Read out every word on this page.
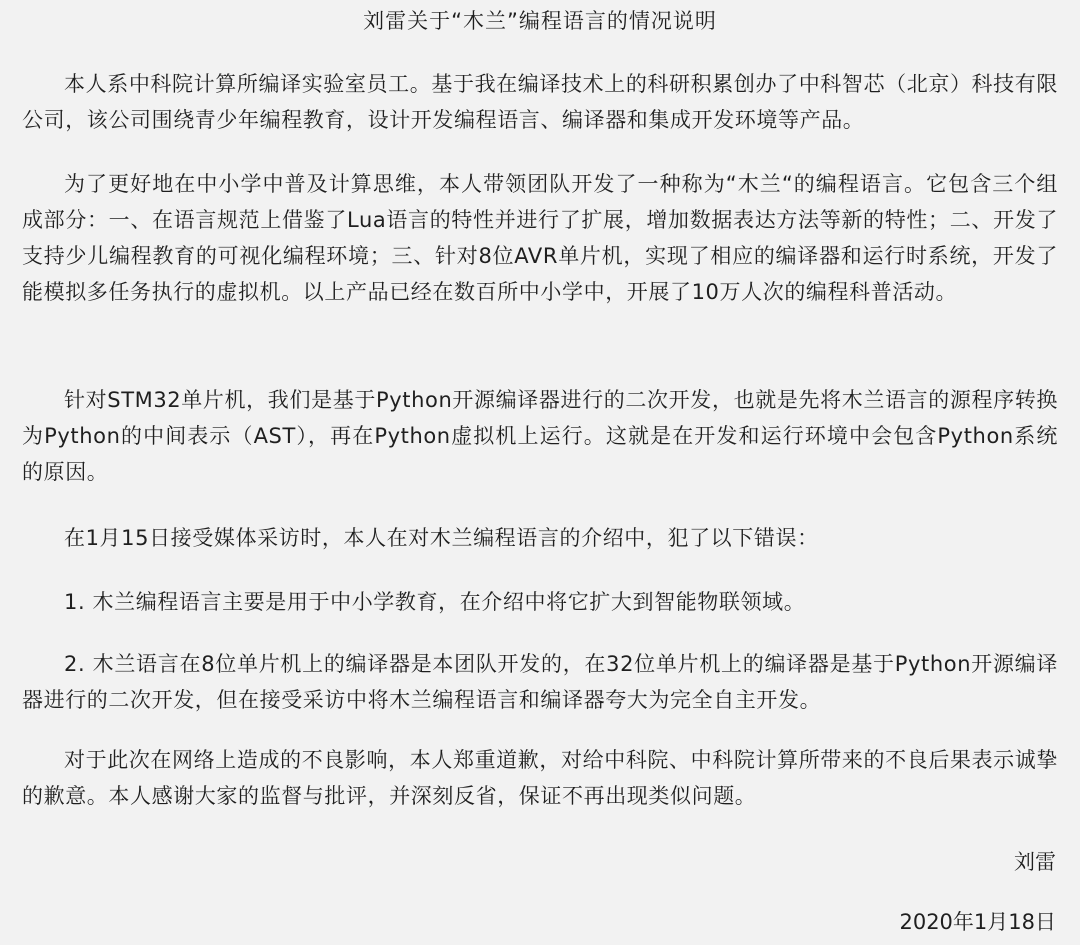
刘雷关于“木兰”编程语言的情况说明
本人系中科院计算所编译实验室员工。基于我在编译技术上的科研积累创办了中科智芯（北京）科技有限公司，该公司围绕青少年编程教育，设计开发编程语言、编译器和集成开发环境等产品。
为了更好地在中小学中普及计算思维，本人带领团队开发了一种称为“木兰“的编程语言。它包含三个组成部分：一、在语言规范上借鉴了Lua语言的特性并进行了扩展，增加数据表达方法等新的特性；二、开发了支持少儿编程教育的可视化编程环境；三、针对8位AVR单片机，实现了相应的编译器和运行时系统，开发了能模拟多任务执行的虚拟机。以上产品已经在数百所中小学中，开展了10万人次的编程科普活动。
针对STM32单片机，我们是基于Python开源编译器进行的二次开发，也就是先将木兰语言的源程序转换为Python的中间表示（AST），再在Python虚拟机上运行。这就是在开发和运行环境中会包含Python系统的原因。
在1月15日接受媒体采访时，本人在对木兰编程语言的介绍中，犯了以下错误：
1. 木兰编程语言主要是用于中小学教育，在介绍中将它扩大到智能物联领域。
2. 木兰语言在8位单片机上的编译器是本团队开发的，在32位单片机上的编译器是基于Python开源编译器进行的二次开发，但在接受采访中将木兰编程语言和编译器夸大为完全自主开发。
对于此次在网络上造成的不良影响，本人郑重道歉，对给中科院、中科院计算所带来的不良后果表示诚挚的歉意。本人感谢大家的监督与批评，并深刻反省，保证不再出现类似问题。
刘雷
2020年1月18日
